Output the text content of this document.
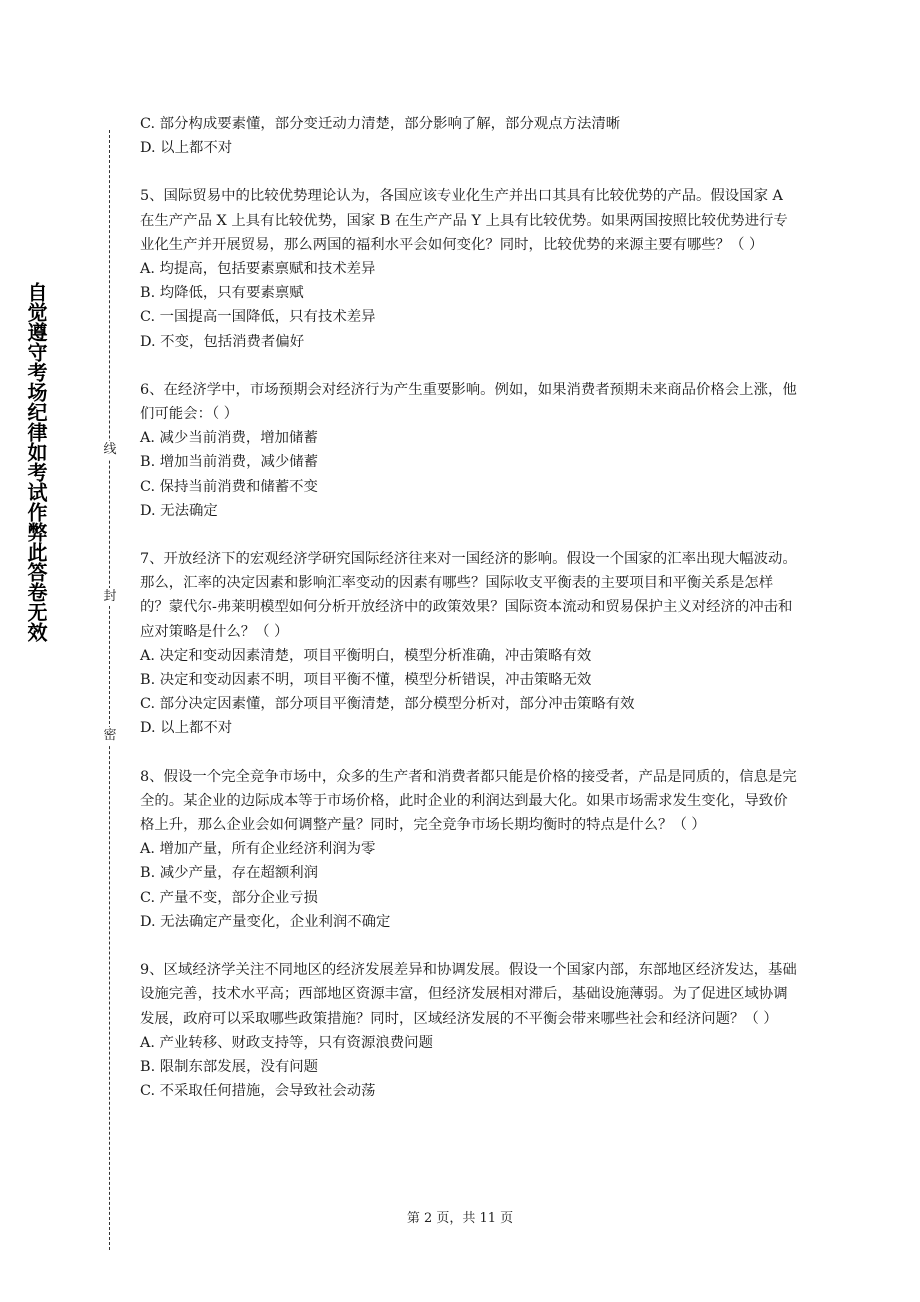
自觉遵守考场纪律如考试作弊此答卷无效	线
封
密

C. 部分构成要素懂，部分变迁动力清楚，部分影响了解，部分观点方法清晰

D. 以上都不对

5、国际贸易中的比较优势理论认为，各国应该专业化生产并出口其具有比较优势的产品。假设国家 A 在生产产品 X 上具有比较优势，国家 B 在生产产品 Y 上具有比较优势。如果两国按照比较优势进行专业化生产并开展贸易，那么两国的福利水平会如何变化？同时，比较优势的来源主要有哪些？（ ）

A. 均提高，包括要素禀赋和技术差异

B. 均降低，只有要素禀赋

C. 一国提高一国降低，只有技术差异

D. 不变，包括消费者偏好

6、在经济学中，市场预期会对经济行为产生重要影响。例如，如果消费者预期未来商品价格会上涨，他们可能会：（ ）

A. 减少当前消费，增加储蓄

B. 增加当前消费，减少储蓄

C. 保持当前消费和储蓄不变

D. 无法确定

7、开放经济下的宏观经济学研究国际经济往来对一国经济的影响。假设一个国家的汇率出现大幅波动。那么，汇率的决定因素和影响汇率变动的因素有哪些？国际收支平衡表的主要项目和平衡关系是怎样的？蒙代尔-弗莱明模型如何分析开放经济中的政策效果？国际资本流动和贸易保护主义对经济的冲击和应对策略是什么？（ ）

A. 决定和变动因素清楚，项目平衡明白，模型分析准确，冲击策略有效

B. 决定和变动因素不明，项目平衡不懂，模型分析错误，冲击策略无效

C. 部分决定因素懂，部分项目平衡清楚，部分模型分析对，部分冲击策略有效

D. 以上都不对

8、假设一个完全竞争市场中，众多的生产者和消费者都只能是价格的接受者，产品是同质的，信息是完全的。某企业的边际成本等于市场价格，此时企业的利润达到最大化。如果市场需求发生变化，导致价格上升，那么企业会如何调整产量？同时，完全竞争市场长期均衡时的特点是什么？（ ）

A. 增加产量，所有企业经济利润为零

B. 减少产量，存在超额利润

C. 产量不变，部分企业亏损

D. 无法确定产量变化，企业利润不确定

9、区域经济学关注不同地区的经济发展差异和协调发展。假设一个国家内部，东部地区经济发达，基础设施完善，技术水平高；西部地区资源丰富，但经济发展相对滞后，基础设施薄弱。为了促进区域协调发展，政府可以采取哪些政策措施？同时，区域经济发展的不平衡会带来哪些社会和经济问题？（ ）

A. 产业转移、财政支持等，只有资源浪费问题

B. 限制东部发展，没有问题

C. 不采取任何措施，会导致社会动荡

第 2 页，共 11 页
